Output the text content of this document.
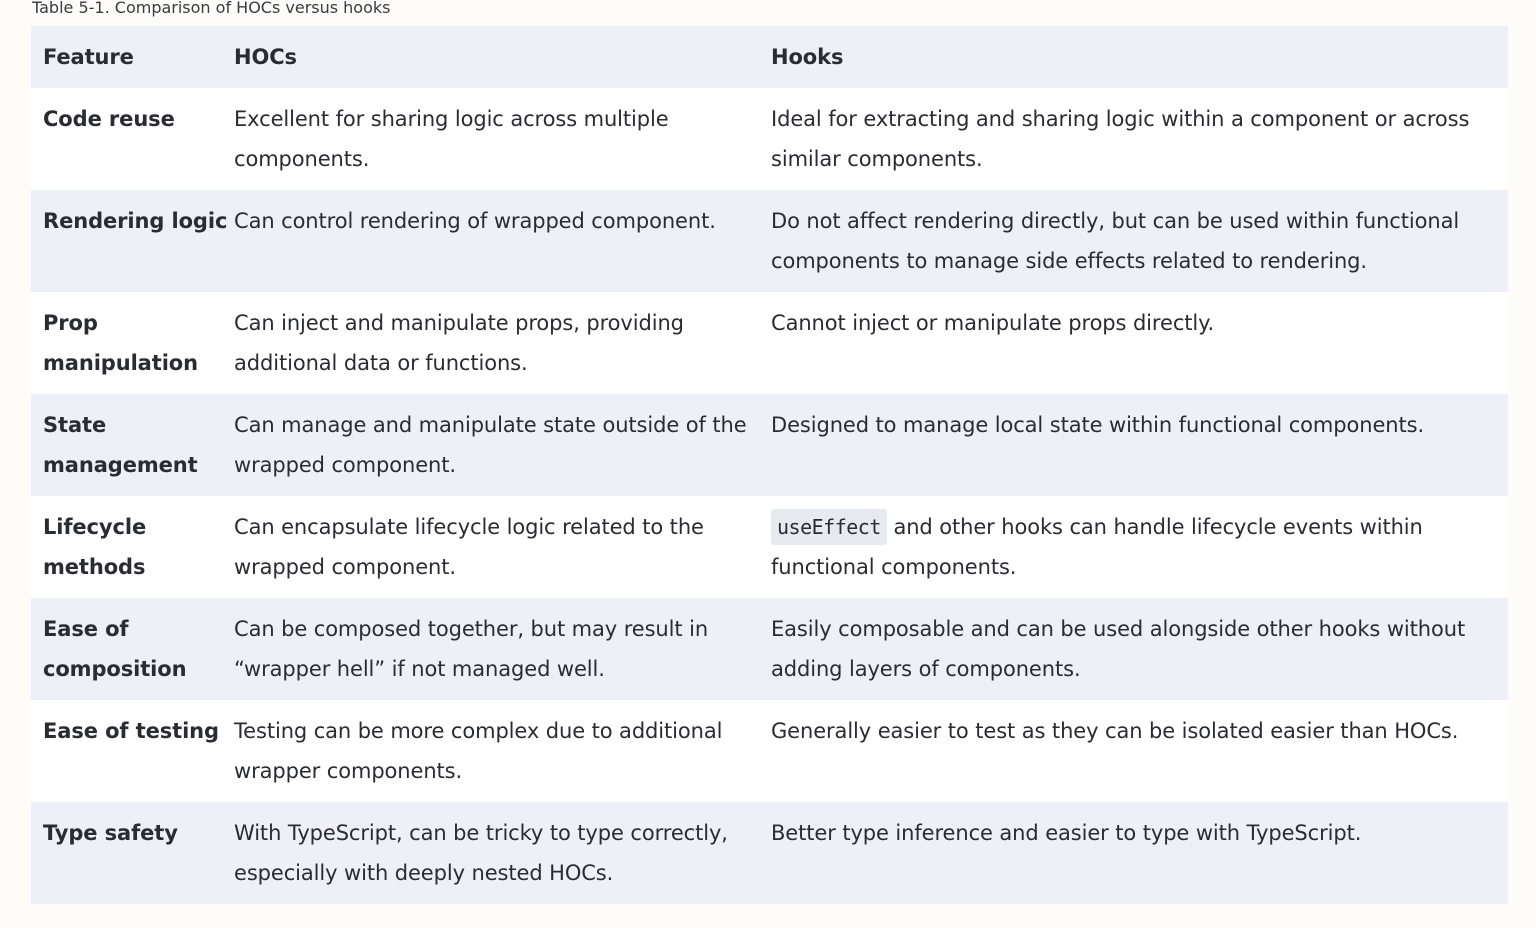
Table 5-1. Comparison of HOCs versus hooks
Feature	HOCs	Hooks
Code reuse	Excellent for sharing logic across multiple components.	Ideal for extracting and sharing logic within a component or across similar components.
Rendering logic	Can control rendering of wrapped component.	Do not affect rendering directly, but can be used within functional components to manage side effects related to rendering.
Prop manipulation	Can inject and manipulate props, providing additional data or functions.	Cannot inject or manipulate props directly.
State management	Can manage and manipulate state outside of the wrapped component.	Designed to manage local state within functional components.
Lifecycle methods	Can encapsulate lifecycle logic related to the wrapped component.	useEffect and other hooks can handle lifecycle events within functional components.
Ease of composition	Can be composed together, but may result in “wrapper hell” if not managed well.	Easily composable and can be used alongside other hooks without adding layers of components.
Ease of testing	Testing can be more complex due to additional wrapper components.	Generally easier to test as they can be isolated easier than HOCs.
Type safety	With TypeScript, can be tricky to type correctly, especially with deeply nested HOCs.	Better type inference and easier to type with TypeScript.
